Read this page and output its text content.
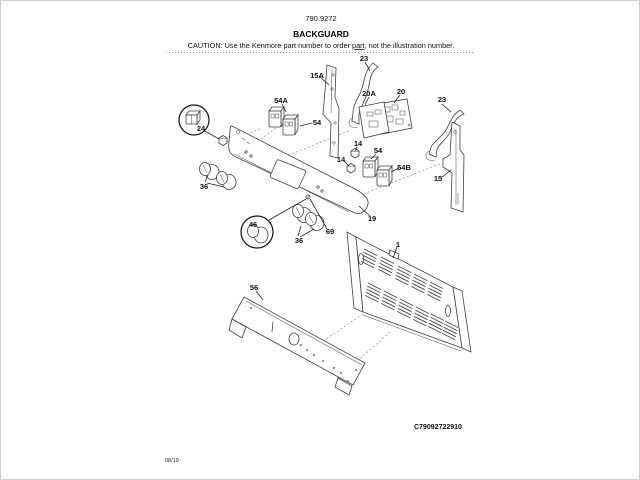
790.9272
BACKGUARD
CAUTION: Use the Kenmore part number to order part, not the illustration number.
15A
23
54A
54
20A	20
23
24
14
14
54
54B
15
36
19
46
69
36	1
56
C79092722910
08/19
